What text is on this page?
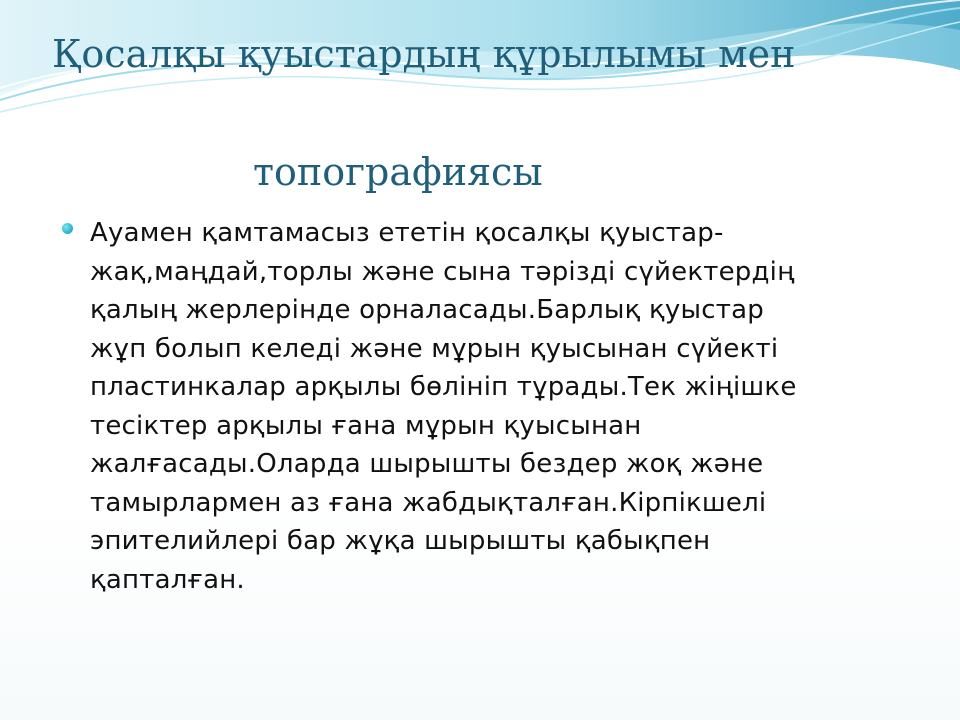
Қосалқы қуыстардың құрылымы мен
топографиясы

Ауамен қамтамасыз ететін қосалқы қуыстар-
жақ,маңдай,торлы және сына тәрізді сүйектердің
қалың жерлерінде орналасады.Барлық қуыстар
жұп болып келеді және мұрын қуысынан сүйекті
пластинкалар арқылы бөлініп тұрады.Тек жіңішке
тесіктер арқылы ғана мұрын қуысынан
жалғасады.Оларда шырышты бездер жоқ және
тамырлармен аз ғана жабдықталған.Кірпікшелі
эпителийлері бар жұқа шырышты қабықпен
қапталған.
